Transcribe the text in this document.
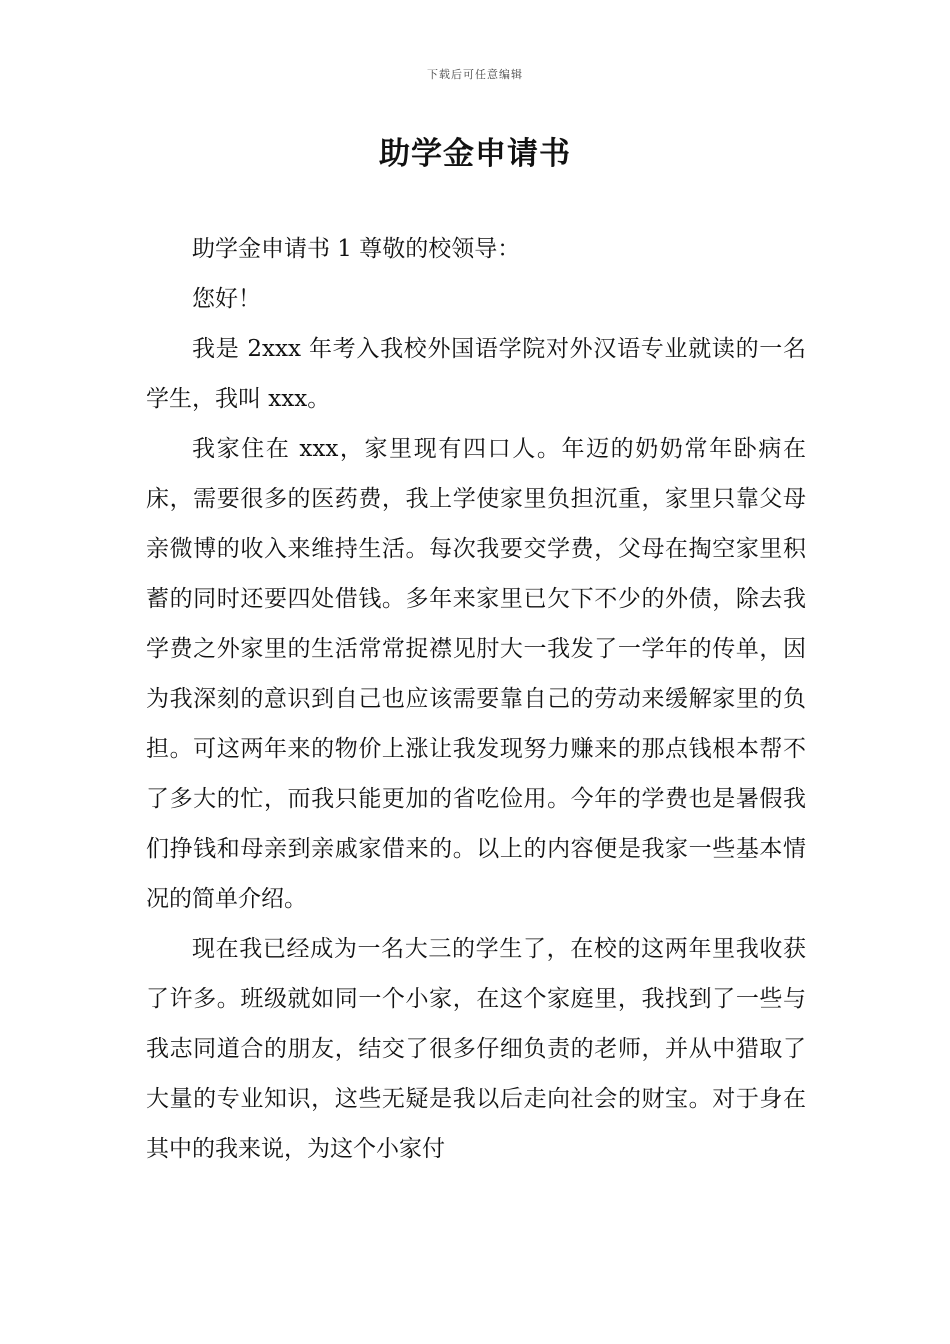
下载后可任意编辑
助学金申请书

助学金申请书 1 尊敬的校领导：

您好！

我是 2xxx 年考入我校外国语学院对外汉语专业就读的一名学生，我叫 xxx。

我家住在 xxx，家里现有四口人。年迈的奶奶常年卧病在床，需要很多的医药费，我上学使家里负担沉重，家里只靠父母亲微博的收入来维持生活。每次我要交学费，父母在掏空家里积蓄的同时还要四处借钱。多年来家里已欠下不少的外债，除去我学费之外家里的生活常常捉襟见肘大一我发了一学年的传单，因为我深刻的意识到自己也应该需要靠自己的劳动来缓解家里的负担。可这两年来的物价上涨让我发现努力赚来的那点钱根本帮不了多大的忙，而我只能更加的省吃俭用。今年的学费也是暑假我们挣钱和母亲到亲戚家借来的。以上的内容便是我家一些基本情况的简单介绍。

现在我已经成为一名大三的学生了，在校的这两年里我收获了许多。班级就如同一个小家，在这个家庭里，我找到了一些与我志同道合的朋友，结交了很多仔细负责的老师，并从中猎取了大量的专业知识，这些无疑是我以后走向社会的财宝。对于身在其中的我来说，为这个小家付
